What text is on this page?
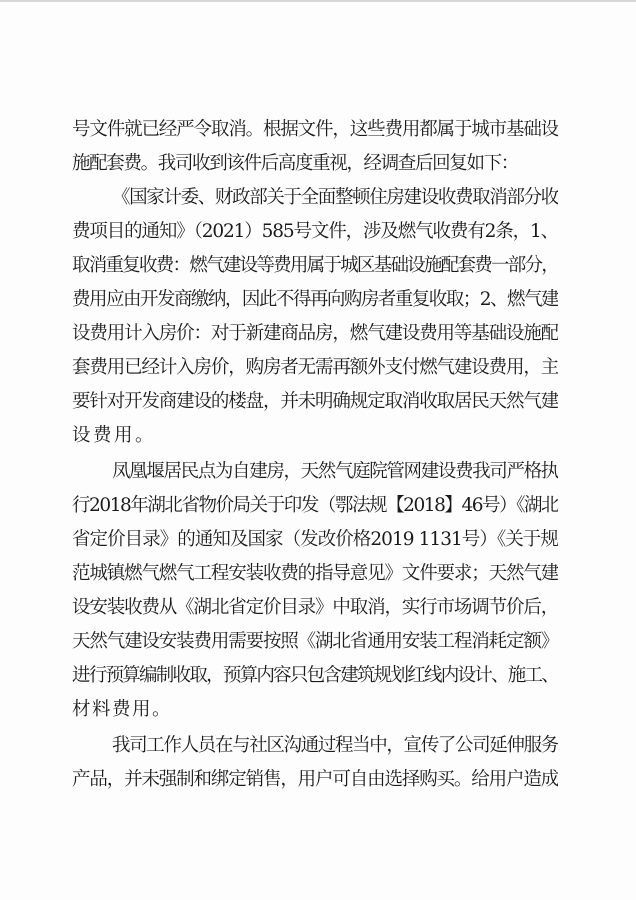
号文件就已经严令取消。根据文件，这些费用都属于城市基础设
施配套费。我司收到该件后高度重视，经调查后回复如下：
《国家计委、财政部关于全面整顿住房建设收费取消部分收
费项目的通知》（2021）585号文件，涉及燃气收费有2条，1、
取消重复收费：燃气建设等费用属于城区基础设施配套费一部分，
费用应由开发商缴纳，因此不得再向购房者重复收取；2、燃气建
设费用计入房价：对于新建商品房，燃气建设费用等基础设施配
套费用已经计入房价，购房者无需再额外支付燃气建设费用，主
要针对开发商建设的楼盘，并未明确规定取消收取居民天然气建
设费用。
凤凰堰居民点为自建房，天然气庭院管网建设费我司严格执
行2018年湖北省物价局关于印发（鄂法规【2018】46号）《湖北
省定价目录》的通知及国家（发改价格2019 1131号）《关于规
范城镇燃气燃气工程安装收费的指导意见》文件要求；天然气建
设安装收费从《湖北省定价目录》中取消，实行市场调节价后，
天然气建设安装费用需要按照《湖北省通用安装工程消耗定额》
进行预算编制收取，预算内容只包含建筑规划红线内设计、施工、
材料费用。
我司工作人员在与社区沟通过程当中，宣传了公司延伸服务
产品，并未强制和绑定销售，用户可自由选择购买。给用户造成
